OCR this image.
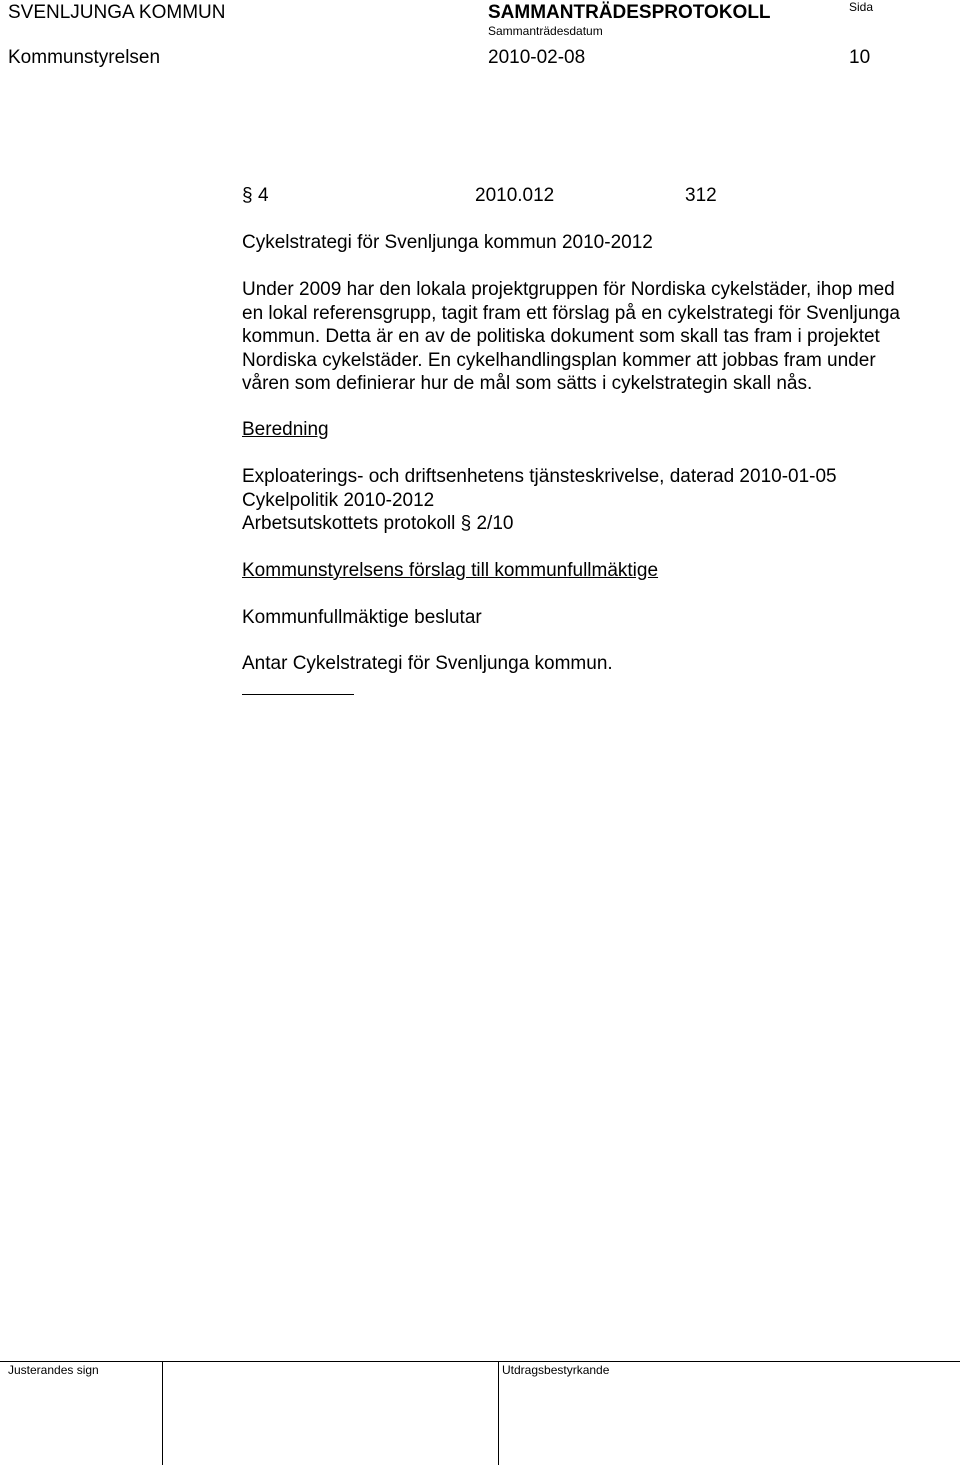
SVENLJUNGA KOMMUN	SAMMANTRÄDESPROTOKOLL	Sida
Sammanträdesdatum
Kommunstyrelsen	2010-02-08	10
§ 4	2010.012	312
Cykelstrategi för Svenljunga kommun 2010-2012
Under 2009 har den lokala projektgruppen för Nordiska cykelstäder, ihop med
en lokal referensgrupp, tagit fram ett förslag på en cykelstrategi för Svenljunga
kommun. Detta är en av de politiska dokument som skall tas fram i projektet
Nordiska cykelstäder. En cykelhandlingsplan kommer att jobbas fram under
våren som definierar hur de mål som sätts i cykelstrategin skall nås.
Beredning
Exploaterings- och driftsenhetens tjänsteskrivelse, daterad 2010-01-05
Cykelpolitik 2010-2012
Arbetsutskottets protokoll § 2/10
Kommunstyrelsens förslag till kommunfullmäktige
Kommunfullmäktige beslutar
Antar Cykelstrategi för Svenljunga kommun.
Justerandes sign	Utdragsbestyrkande
